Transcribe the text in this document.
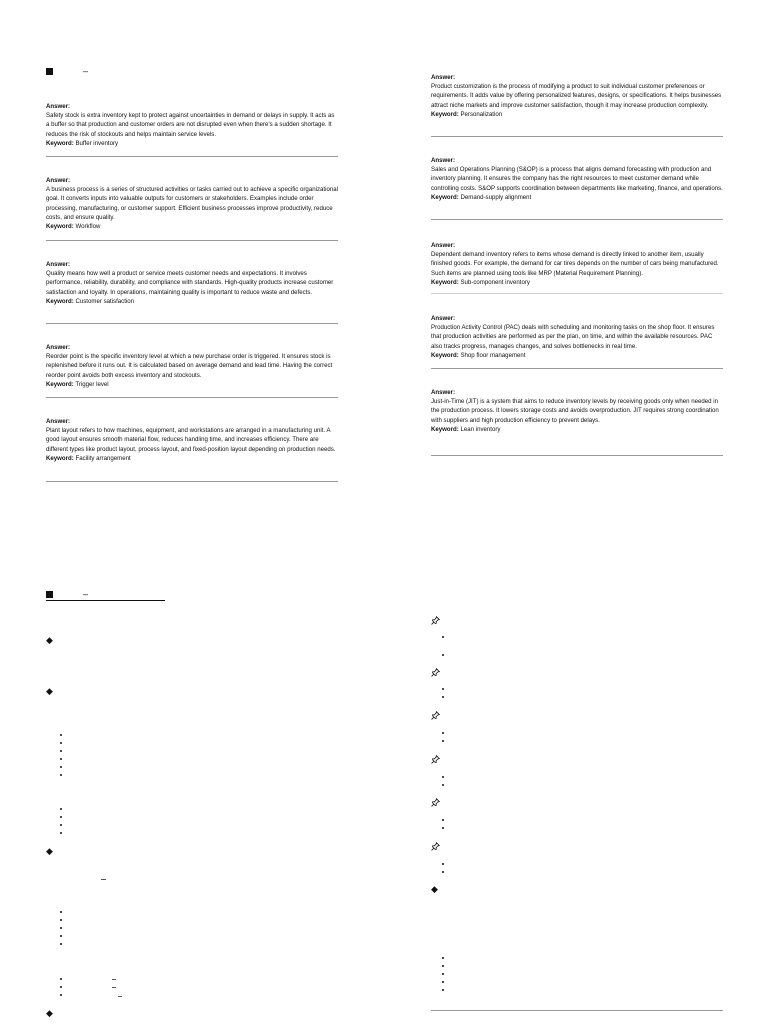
–
Answer:
Safety stock is extra inventory kept to protect against uncertainties in demand or delays in supply. It acts as a buffer so that production and customer orders are not disrupted even when there's a sudden shortage. It reduces the risk of stockouts and helps maintain service levels.
Keyword: Buffer inventory
Answer:
A business process is a series of structured activities or tasks carried out to achieve a specific organizational goal. It converts inputs into valuable outputs for customers or stakeholders. Examples include order processing, manufacturing, or customer support. Efficient business processes improve productivity, reduce costs, and ensure quality.
Keyword: Workflow
Answer:
Quality means how well a product or service meets customer needs and expectations. It involves performance, reliability, durability, and compliance with standards. High-quality products increase customer satisfaction and loyalty. In operations, maintaining quality is important to reduce waste and defects.
Keyword: Customer satisfaction
Answer:
Reorder point is the specific inventory level at which a new purchase order is triggered. It ensures stock is replenished before it runs out. It is calculated based on average demand and lead time. Having the correct reorder point avoids both excess inventory and stockouts.
Keyword: Trigger level
Answer:
Plant layout refers to how machines, equipment, and workstations are arranged in a manufacturing unit. A good layout ensures smooth material flow, reduces handling time, and increases efficiency. There are different types like product layout, process layout, and fixed-position layout depending on production needs.
Keyword: Facility arrangement
–
◆
◆
◆
◆
Answer:
Product customization is the process of modifying a product to suit individual customer preferences or requirements. It adds value by offering personalized features, designs, or specifications. It helps businesses attract niche markets and improve customer satisfaction, though it may increase production complexity.
Keyword: Personalization
Answer:
Sales and Operations Planning (S&OP) is a process that aligns demand forecasting with production and inventory planning. It ensures the company has the right resources to meet customer demand while controlling costs. S&OP supports coordination between departments like marketing, finance, and operations.
Keyword: Demand-supply alignment
Answer:
Dependent demand inventory refers to items whose demand is directly linked to another item, usually finished goods. For example, the demand for car tires depends on the number of cars being manufactured. Such items are planned using tools like MRP (Material Requirement Planning).
Keyword: Sub-component inventory
Answer:
Production Activity Control (PAC) deals with scheduling and monitoring tasks on the shop floor. It ensures that production activities are performed as per the plan, on time, and within the available resources. PAC also tracks progress, manages changes, and solves bottlenecks in real time.
Keyword: Shop floor management
Answer:
Just-in-Time (JIT) is a system that aims to reduce inventory levels by receiving goods only when needed in the production process. It lowers storage costs and avoids overproduction. JIT requires strong coordination with suppliers and high production efficiency to prevent delays.
Keyword: Lean inventory
◆
